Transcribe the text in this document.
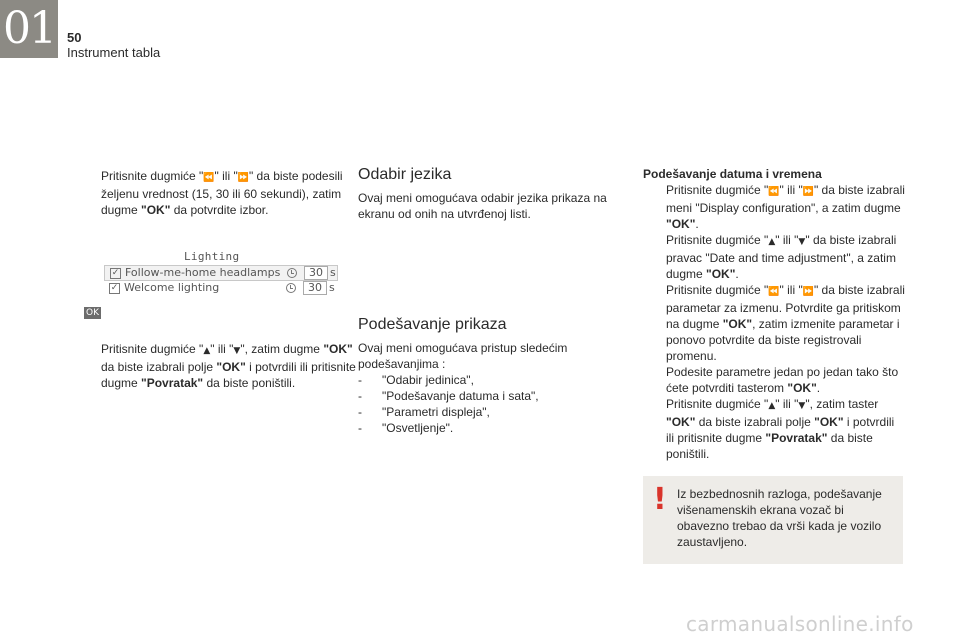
01 50
Instrument tabla
Pritisnite dugmiće "⏪" ili "⏩" da biste podesili željenu vrednost (15, 30 ili 60 sekundi), zatim dugme "OK" da potvrdite izbor.
Lighting
✓ Follow-me-home headlamps	30 s
✓ Welcome lighting	30 s
OK
Pritisnite dugmiće "▲" ili "▼", zatim dugme "OK" da biste izabrali polje "OK" i potvrdili ili pritisnite dugme "Povratak" da biste poništili.
Odabir jezika
Ovaj meni omogućava odabir jezika prikaza na ekranu od onih na utvrđenoj listi.
Podešavanje prikaza
Ovaj meni omogućava pristup sledećim podešavanjima :
- "Odabir jedinica",
- "Podešavanje datuma i sata",
- "Parametri displeja",
- "Osvetljenje".
Podešavanje datuma i vremena
Pritisnite dugmiće "⏪" ili "⏩" da biste izabrali meni "Display configuration", a zatim dugme "OK".
Pritisnite dugmiće "▲" ili "▼" da biste izabrali pravac "Date and time adjustment", a zatim dugme "OK".
Pritisnite dugmiće "⏪" ili "⏩" da biste izabrali parametar za izmenu. Potvrdite ga pritiskom na dugme "OK", zatim izmenite parametar i ponovo potvrdite da biste registrovali promenu.
Podesite parametre jedan po jedan tako što ćete potvrditi tasterom "OK".
Pritisnite dugmiće "▲" ili "▼", zatim taster "OK" da biste izabrali polje "OK" i potvrdili ili pritisnite dugme "Povratak" da biste poništili.
! Iz bezbednosnih razloga, podešavanje višenamenskih ekrana vozač bi obavezno trebao da vrši kada je vozilo zaustavljeno.
carmanualsonline.info
